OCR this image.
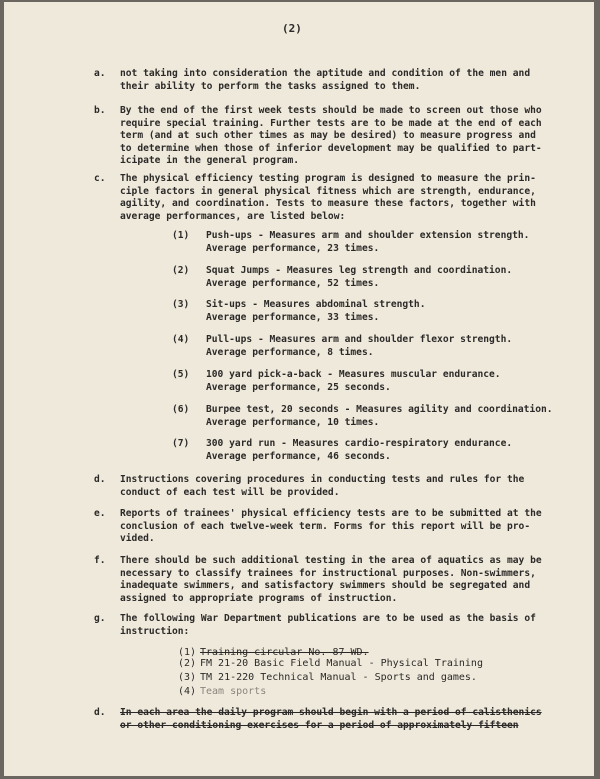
(2)
a. not taking into consideration the aptitude and condition of the men and
their ability to perform the tasks assigned to them.
b. By the end of the first week tests should be made to screen out those who
require special training. Further tests are to be made at the end of each
term (and at such other times as may be desired) to measure progress and
to determine when those of inferior development may be qualified to part-
icipate in the general program.
c. The physical efficiency testing program is designed to measure the prin-
ciple factors in general physical fitness which are strength, endurance,
agility, and coordination. Tests to measure these factors, together with
average performances, are listed below:
(1) Push-ups - Measures arm and shoulder extension strength.
Average performance, 23 times.
(2) Squat Jumps - Measures leg strength and coordination.
Average performance, 52 times.
(3) Sit-ups - Measures abdominal strength.
Average performance, 33 times.
(4) Pull-ups - Measures arm and shoulder flexor strength.
Average performance, 8 times.
(5) 100 yard pick-a-back - Measures muscular endurance.
Average performance, 25 seconds.
(6) Burpee test, 20 seconds - Measures agility and coordination.
Average performance, 10 times.
(7) 300 yard run - Measures cardio-respiratory endurance.
Average performance, 46 seconds.
d. Instructions covering procedures in conducting tests and rules for the
conduct of each test will be provided.
e. Reports of trainees' physical efficiency tests are to be submitted at the
conclusion of each twelve-week term. Forms for this report will be pro-
vided.
f. There should be such additional testing in the area of aquatics as may be
necessary to classify trainees for instructional purposes. Non-swimmers,
inadequate swimmers, and satisfactory swimmers should be segregated and
assigned to appropriate programs of instruction.
g. The following War Department publications are to be used as the basis of
instruction:
(1) Training circular No. 87 WD.
(2) FM 21-20 Basic Field Manual - Physical Training
(3) TM 21-220 Technical Manual - Sports and games.
(4) Team sports
d. In each area the daily program should begin with a period of calisthenics
or other conditioning exercises for a period of approximately fifteen
